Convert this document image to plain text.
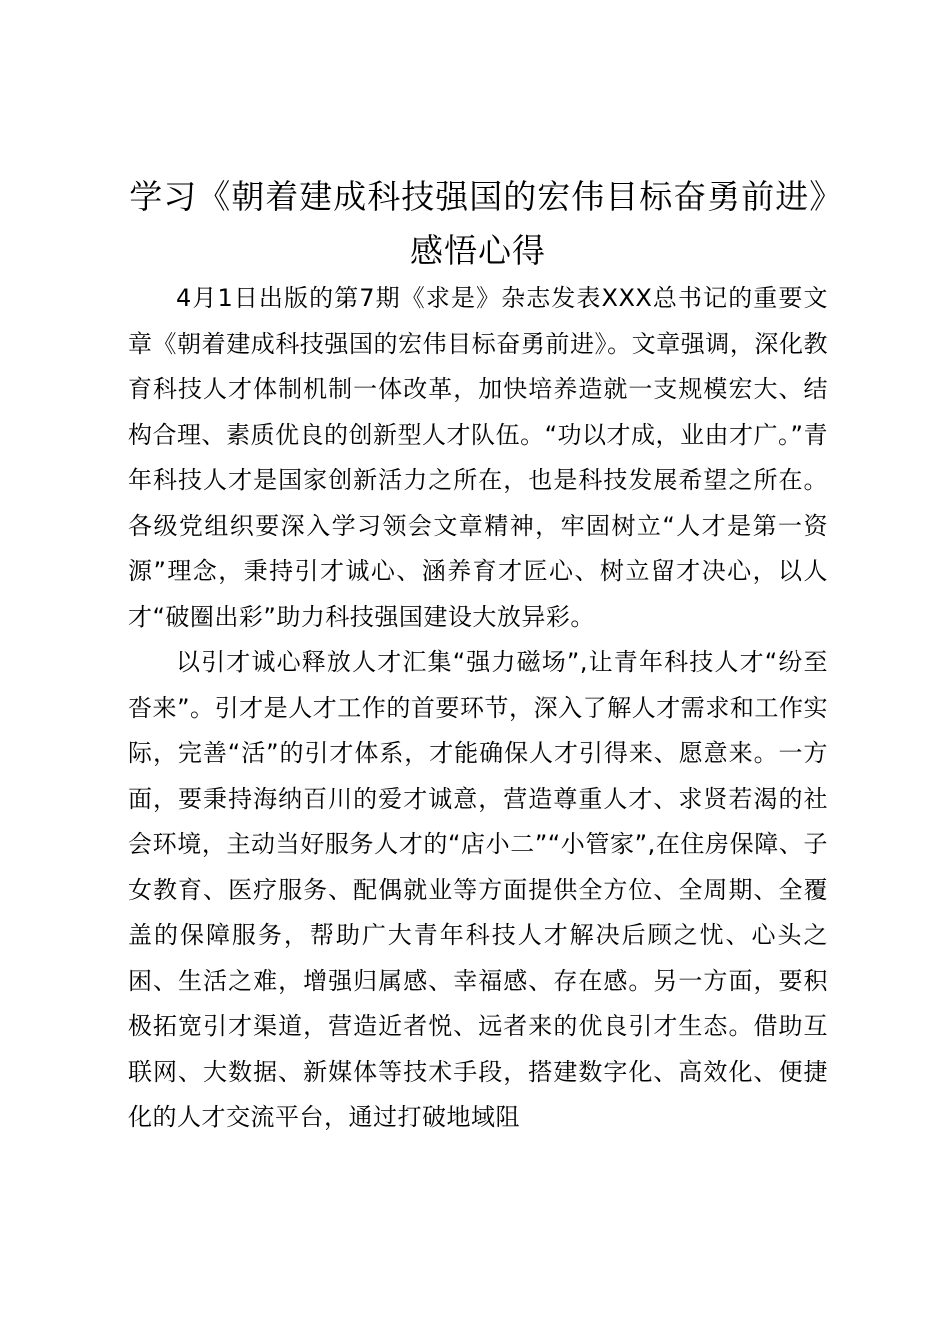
学习《朝着建成科技强国的宏伟目标奋勇前进》感悟心得

4月1日出版的第7期《求是》杂志发表XXX总书记的重要文章《朝着建成科技强国的宏伟目标奋勇前进》。文章强调，深化教育科技人才体制机制一体改革，加快培养造就一支规模宏大、结构合理、素质优良的创新型人才队伍。“功以才成，业由才广。”青年科技人才是国家创新活力之所在，也是科技发展希望之所在。各级党组织要深入学习领会文章精神，牢固树立“人才是第一资源”理念，秉持引才诚心、涵养育才匠心、树立留才决心，以人才“破圈出彩”助力科技强国建设大放异彩。

以引才诚心释放人才汇集“强力磁场”,让青年科技人才“纷至沓来”。引才是人才工作的首要环节，深入了解人才需求和工作实际，完善“活”的引才体系，才能确保人才引得来、愿意来。一方面，要秉持海纳百川的爱才诚意，营造尊重人才、求贤若渴的社会环境，主动当好服务人才的“店小二”“小管家”,在住房保障、子女教育、医疗服务、配偶就业等方面提供全方位、全周期、全覆盖的保障服务，帮助广大青年科技人才解决后顾之忧、心头之困、生活之难，增强归属感、幸福感、存在感。另一方面，要积极拓宽引才渠道，营造近者悦、远者来的优良引才生态。借助互联网、大数据、新媒体等技术手段，搭建数字化、高效化、便捷化的人才交流平台，通过打破地域阻
